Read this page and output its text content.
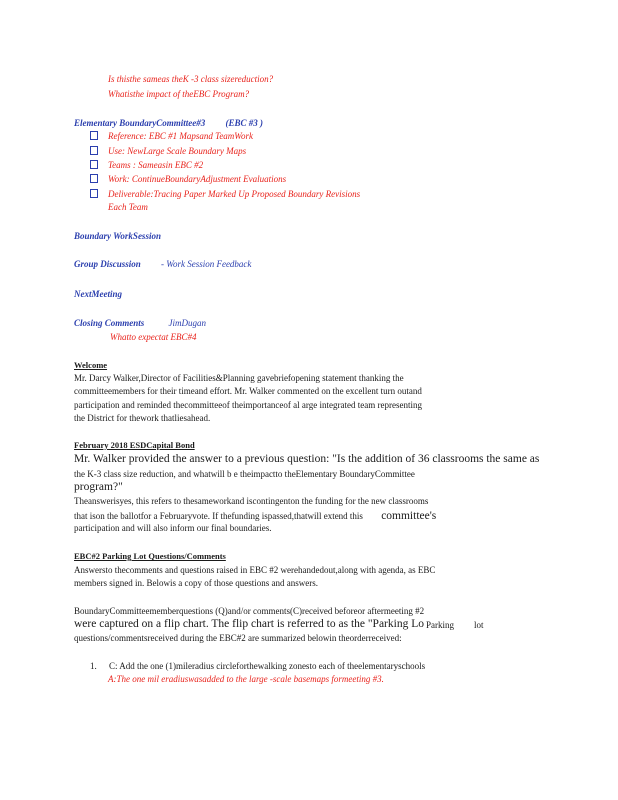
Is thisthe sameas theK -3 class sizereduction?
Whatisthe impact of theEBC Program?
Elementary BoundaryCommittee#3 (EBC #3 )
Reference: EBC #1 Mapsand TeamWork
Use: NewLarge Scale Boundary Maps
Teams : Sameasin EBC #2
Work: ContinueBoundaryAdjustment Evaluations
Deliverable:Tracing Paper Marked Up Proposed Boundary Revisions
Each Team
Boundary WorkSession
Group Discussion - Work Session Feedback
NextMeeting
Closing Comments	JimDugan
Whatto expectat EBC#4
Welcome
Mr. Darcy Walker,Director of Facilities&Planning gavebriefopening statement thanking the
committeemembers for their timeand effort. Mr. Walker commented on the excellent turn outand
participation and reminded thecommitteeof theimportanceof al arge integrated team representing
the District for thework thatliesahead.
February 2018 ESDCapital Bond
Mr. Walker provided the answer to a previous question: "Is the addition of 36 classrooms the same as
the K-3 class size reduction, and whatwill b e theimpactto theElementary BoundaryCommittee
program?"
Theanswerisyes, this refers to thesameworkand iscontingenton the funding for the new classrooms
that ison the ballotfor a Februaryvote. If thefunding ispassed,thatwill extend this committee's
participation and will also inform our final boundaries.
EBC#2 Parking Lot Questions/Comments
Answersto thecomments and questions raised in EBC #2 werehandedout,along with agenda, as EBC
members signed in. Belowis a copy of those questions and answers.
BoundaryCommitteememberquestions (Q)and/or comments(C)received beforeor aftermeeting #2
were captured on a flip chart. The flip chart is referred to as the "Parking Lo Parking lot
questions/commentsreceived during the EBC#2 are summarized belowin theorderreceived:
1. C: Add the one (1)mileradius circleforthewalking zonesto each of theelementaryschools
A:The one mil eradiuswasadded to the large -scale basemaps formeeting #3.
